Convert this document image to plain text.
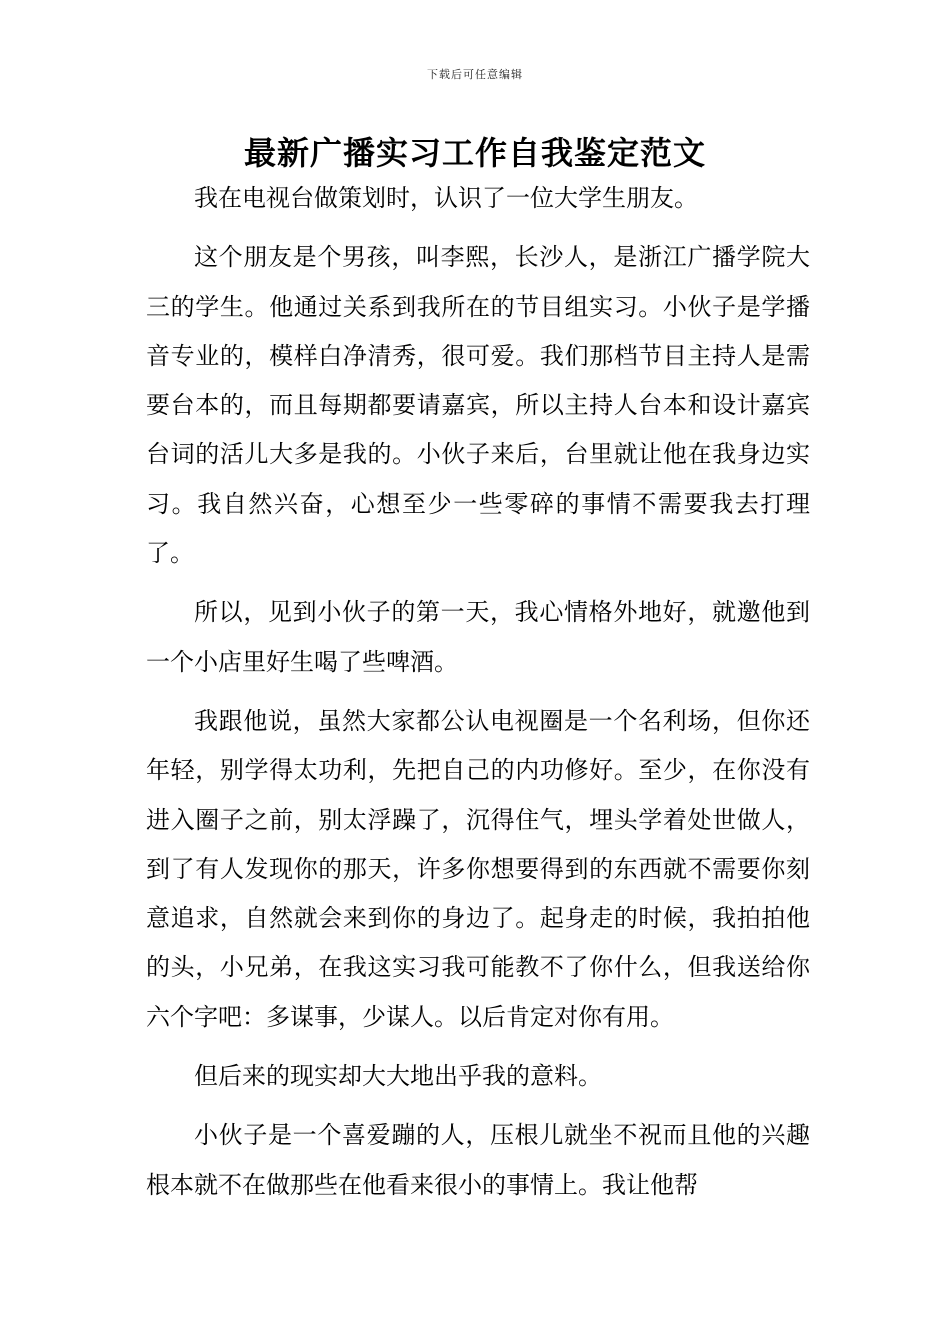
下载后可任意编辑
最新广播实习工作自我鉴定范文

我在电视台做策划时，认识了一位大学生朋友。

这个朋友是个男孩，叫李熙，长沙人，是浙江广播学院大三的学生。他通过关系到我所在的节目组实习。小伙子是学播音专业的，模样白净清秀，很可爱。我们那档节目主持人是需要台本的，而且每期都要请嘉宾，所以主持人台本和设计嘉宾台词的活儿大多是我的。小伙子来后，台里就让他在我身边实习。我自然兴奋，心想至少一些零碎的事情不需要我去打理了。

所以，见到小伙子的第一天，我心情格外地好，就邀他到一个小店里好生喝了些啤酒。

我跟他说，虽然大家都公认电视圈是一个名利场，但你还年轻，别学得太功利，先把自己的内功修好。至少，在你没有进入圈子之前，别太浮躁了，沉得住气，埋头学着处世做人，到了有人发现你的那天，许多你想要得到的东西就不需要你刻意追求，自然就会来到你的身边了。起身走的时候，我拍拍他的头，小兄弟，在我这实习我可能教不了你什么，但我送给你六个字吧：多谋事，少谋人。以后肯定对你有用。

但后来的现实却大大地出乎我的意料。

小伙子是一个喜爱蹦的人，压根儿就坐不祝而且他的兴趣根本就不在做那些在他看来很小的事情上。我让他帮
